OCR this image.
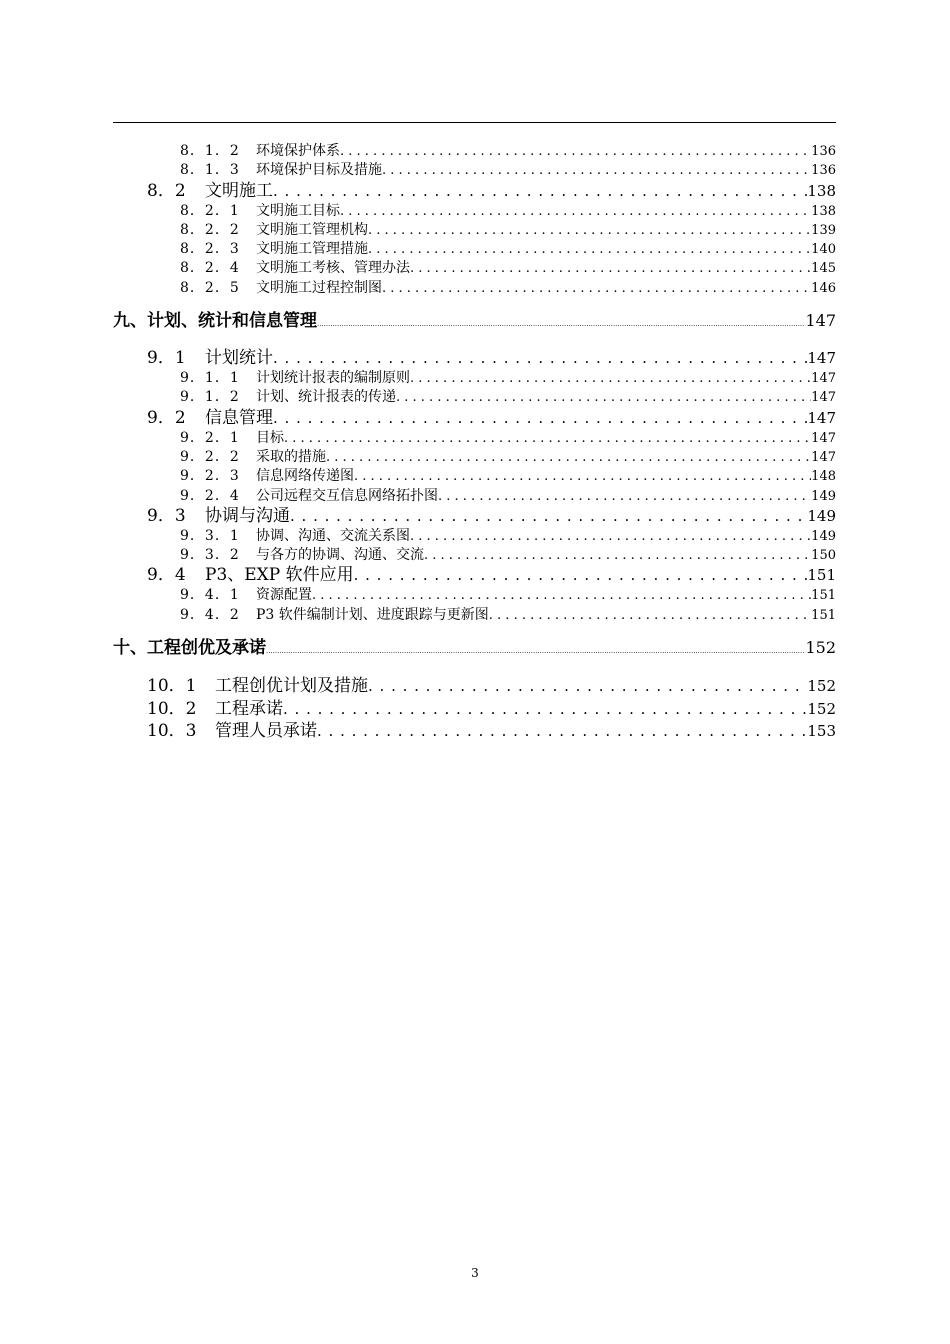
8．1．2 环境保护体系 . . .	136
8．1．3 环境保护目标及措施 . . .	136
8．2 文明施工 . . .	138
8．2．1 文明施工目标 . . .	138
8．2．2 文明施工管理机构 . . .	139
8．2．3 文明施工管理措施 . . .	140
8．2．4 文明施工考核、管理办法 . . .	145
8．2．5 文明施工过程控制图 . . .	146
九、计划、统计和信息管理 .....	147
9．1 计划统计 . . .	147
9．1．1 计划统计报表的编制原则 . . .	147
9．1．2 计划、统计报表的传递 . . .	147
9．2 信息管理 . . .	147
9．2．1 目标 . . .	147
9．2．2 采取的措施 . . .	147
9．2．3 信息网络传递图 . . .	148
9．2．4 公司远程交互信息网络拓扑图 . . .	149
9．3 协调与沟通 . . .	149
9．3．1 协调、沟通、交流关系图 . . .	149
9．3．2 与各方的协调、沟通、交流 . . .	150
9．4 P3、EXP 软件应用 . . .	151
9．4．1 资源配置 . . .	151
9．4．2 P3 软件编制计划、进度跟踪与更新图 . . .	151
十、工程创优及承诺 .....	152
10．1 工程创优计划及措施 . . .	152
10．2 工程承诺 . . .	152
10．3 管理人员承诺 . . .	153
3
